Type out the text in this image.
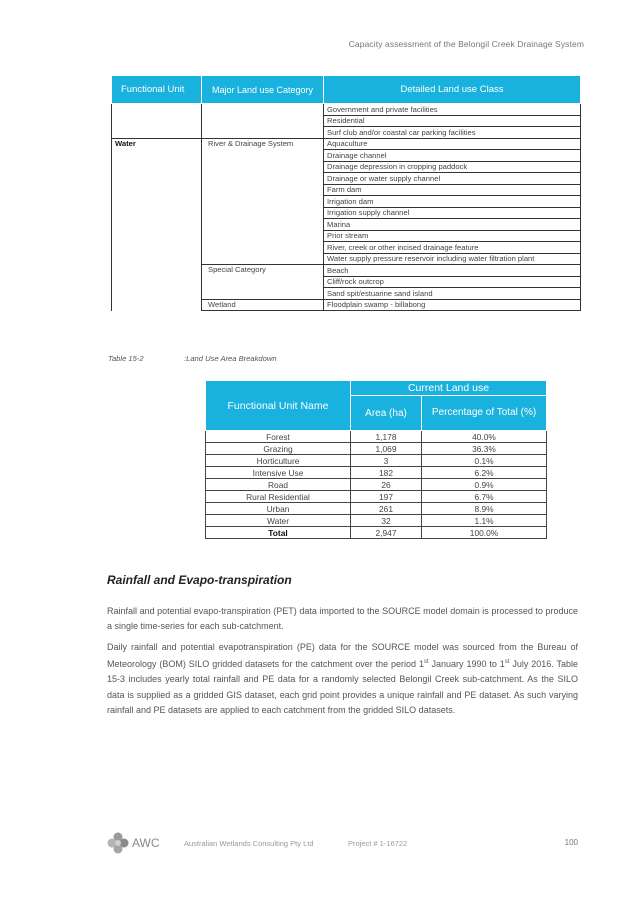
Capacity assessment of the Belongil Creek Drainage System
Functional Unit	Major Land use Category	Detailed Land use Class
		Government and private facilities
		Residential
		Surf club and/or coastal car parking facilities
Water	River & Drainage System	Aquaculture
		Drainage channel
		Drainage depression in cropping paddock
		Drainage or water supply channel
		Farm dam
		Irrigation dam
		Irrigation supply channel
		Marina
		Prior stream
		River, creek or other incised drainage feature
		Water supply pressure reservoir including water filtration plant
	Special Category	Beach
		Cliff/rock outcrop
		Sand spit/estuarine sand island
	Wetland	Floodplain swamp - billabong
Table 15-2	:Land Use Area Breakdown
Functional Unit Name	Current Land use	
	Area (ha)	Percentage of Total (%)
Forest	1,178	40.0%
Grazing	1,069	36.3%
Horticulture	3	0.1%
Intensive Use	182	6.2%
Road	26	0.9%
Rural Residential	197	6.7%
Urban	261	8.9%
Water	32	1.1%
Total	2,947	100.0%
Rainfall and Evapo-transpiration

Rainfall and potential evapo-transpiration (PET) data imported to the SOURCE model domain is processed to produce a single time-series for each sub-catchment.

Daily rainfall and potential evapotranspiration (PE) data for the SOURCE model was sourced from the Bureau of Meteorology (BOM) SILO gridded datasets for the catchment over the period 1st January 1990 to 1st July 2016. Table 15-3 includes yearly total rainfall and PE data for a randomly selected Belongil Creek sub-catchment. As the SILO data is supplied as a gridded GIS dataset, each grid point provides a unique rainfall and PE dataset. As such varying rainfall and PE datasets are applied to each catchment from the gridded SILO datasets.

AWC	Australian Wetlands Consulting Pty Ltd	Project # 1-16722	100
